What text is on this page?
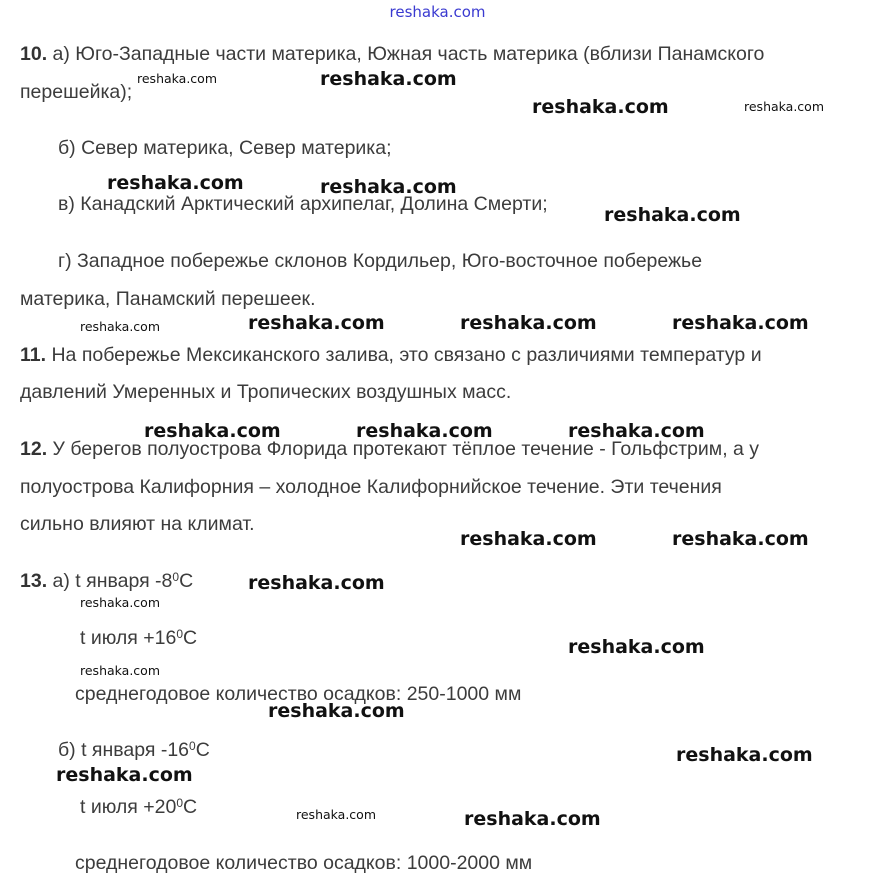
reshaka.com
10. а) Юго-Западные части материка, Южная часть материка (вблизи Панамского
перешейка);
б) Север материка, Север материка;
в) Канадский Арктический архипелаг, Долина Смерти;
г) Западное побережье склонов Кордильер, Юго-восточное побережье
материка, Панамский перешеек.
11. На побережье Мексиканского залива, это связано с различиями температур и
давлений Умеренных и Тропических воздушных масс.
12. У берегов полуострова Флорида протекают тёплое течение - Гольфстрим, а у
полуострова Калифорния – холодное Калифорнийское течение. Эти течения
сильно влияют на климат.
13. а) t января $-8^0C$
t июля $+16^0C$
среднегодовое количество осадков: 250-1000 мм
б) t января $-16^0C$
t июля $+20^0C$
среднегодовое количество осадков: 1000-2000 мм
reshaka.com	reshaka.com
reshaka.com	reshaka.com
reshaka.com	reshaka.com
reshaka.com
reshaka.com	reshaka.com	reshaka.com	reshaka.com
reshaka.com	reshaka.com	reshaka.com
reshaka.com	reshaka.com
reshaka.com
reshaka.com
reshaka.com
reshaka.com
reshaka.com
reshaka.com
reshaka.com
reshaka.com	reshaka.com
